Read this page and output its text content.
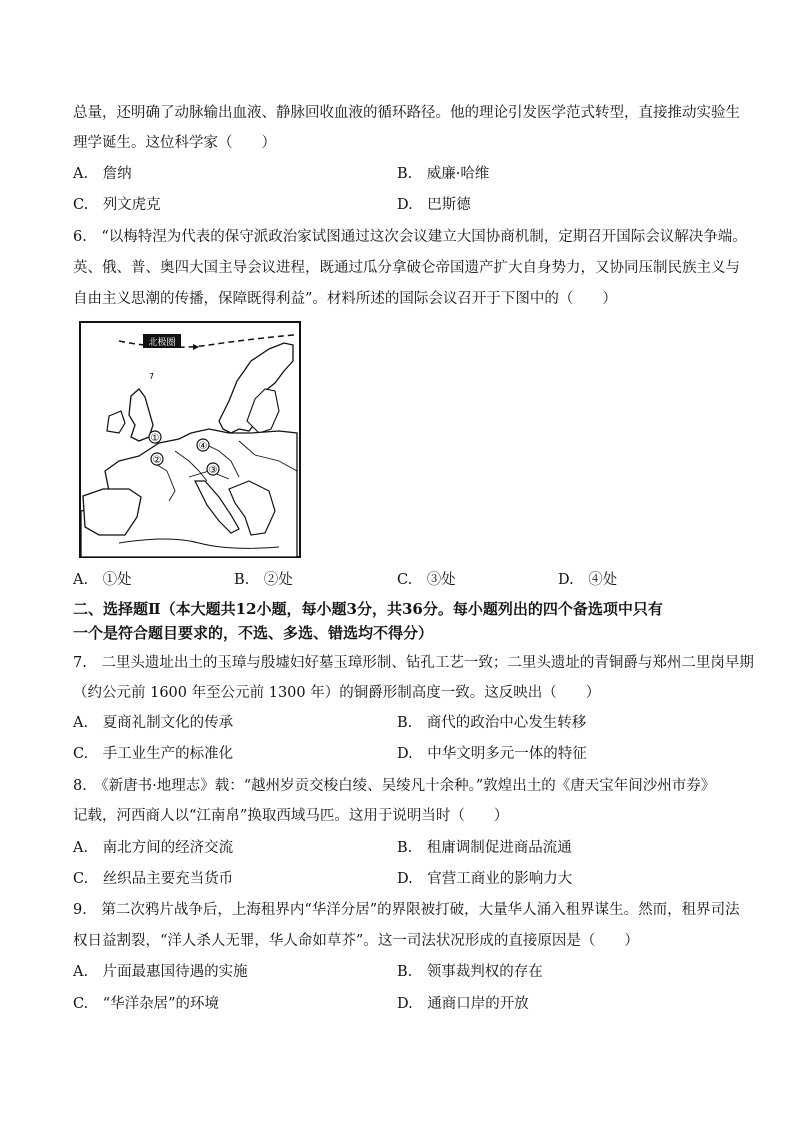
总量，还明确了动脉输出血液、静脉回收血液的循环路径。他的理论引发医学范式转型，直接推动实验生
理学诞生。这位科学家（　　）
A.　 詹纳	B.　 威廉·哈维
C.　 列文虎克	D.　 巴斯德
6.　“以梅特涅为代表的保守派政治家试图通过这次会议建立大国协商机制，定期召开国际会议解决争端。
英、俄、普、奥四大国主导会议进程，既通过瓜分拿破仑帝国遗产扩大自身势力，又协同压制民族主义与
自由主义思潮的传播，保障既得利益”。材料所述的国际会议召开于下图中的（　　）
北极圈
7
①
②
③
④
A.　 ①处	B.　 ②处	C.　 ③处	D.　 ④处
二、选择题Ⅱ（本大题共12小题，每小题3分，共36分。每小题列出的四个备选项中只有
一个是符合题目要求的，不选、多选、错选均不得分）
7.　二里头遗址出土的玉璋与殷墟妇好墓玉璋形制、钻孔工艺一致；二里头遗址的青铜爵与郑州二里岗早期
（约公元前 1600 年至公元前 1300 年）的铜爵形制高度一致。这反映出（　　）
A.　 夏商礼制文化的传承	B.　 商代的政治中心发生转移
C.　 手工业生产的标准化	D.　 中华文明多元一体的特征
8.　《新唐书·地理志》载：“越州岁贡交梭白绫、吴绫凡十余种。”敦煌出土的《唐天宝年间沙州市券》
记载，河西商人以“江南帛”换取西域马匹。这用于说明当时（　　）
A.　 南北方间的经济交流	B.　 租庸调制促进商品流通
C.　 丝织品主要充当货币	D.　 官营工商业的影响力大
9.　第二次鸦片战争后，上海租界内“华洋分居”的界限被打破，大量华人涌入租界谋生。然而，租界司法
权日益割裂，“洋人杀人无罪，华人命如草芥”。这一司法状况形成的直接原因是（　　）
A.　 片面最惠国待遇的实施	B.　 领事裁判权的存在
C.　 “华洋杂居”的环境	D.　 通商口岸的开放
